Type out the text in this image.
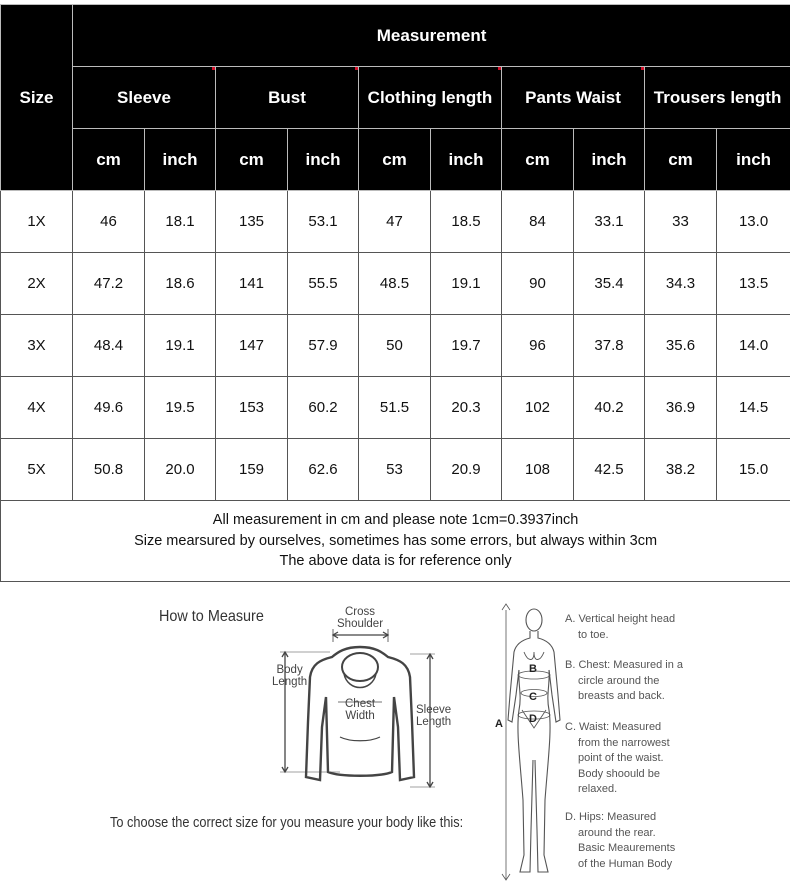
Size	Measurement									
	Sleeve		Bust		Clothing length		Pants Waist		Trousers length	
	cm	inch	cm	inch	cm	inch	cm	inch	cm	inch
1X	46	18.1	135	53.1	47	18.5	84	33.1	33	13.0
2X	47.2	18.6	141	55.5	48.5	19.1	90	35.4	34.3	13.5
3X	48.4	19.1	147	57.9	50	19.7	96	37.8	35.6	14.0
4X	49.6	19.5	153	60.2	51.5	20.3	102	40.2	36.9	14.5
5X	50.8	20.0	159	62.6	53	20.9	108	42.5	38.2	15.0

All measurement in cm and please note 1cm=0.3937inch
Size mearsured by ourselves, sometimes has some errors, but always within 3cm
The above data is for reference only										
How to Measure
To choose the correct size for you measure your body like this:
Cross
Shoulder
Body
Length
Chest
Width	Sleeve
Length
B
C
D
A
A. Vertical height head
to toe.
B. Chest: Measured in a
circle around the
breasts and back.
C. Waist: Measured
from the narrowest
point of the waist.
Body shoould be
relaxed.
D. Hips: Measured
around the rear.
Basic Meaurements
of the Human Body
